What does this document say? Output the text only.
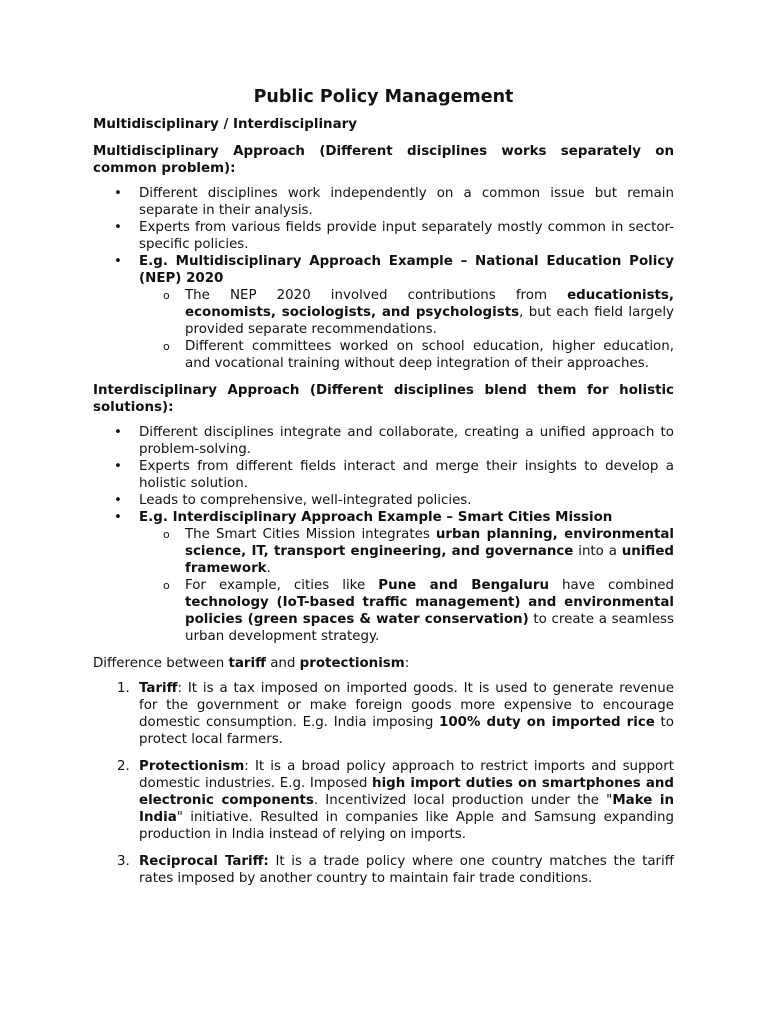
Public Policy Management

Multidisciplinary / Interdisciplinary

Multidisciplinary Approach (Different disciplines works separately on common problem):

• Different disciplines work independently on a common issue but remain separate in their analysis.
• Experts from various fields provide input separately mostly common in sector-specific policies.
• E.g. Multidisciplinary Approach Example – National Education Policy (NEP) 2020
o The NEP 2020 involved contributions from educationists, economists, sociologists, and psychologists, but each field largely provided separate recommendations.
o Different committees worked on school education, higher education, and vocational training without deep integration of their approaches.

Interdisciplinary Approach (Different disciplines blend them for holistic solutions):

• Different disciplines integrate and collaborate, creating a unified approach to problem-solving.
• Experts from different fields interact and merge their insights to develop a holistic solution.
• Leads to comprehensive, well-integrated policies.
• E.g. Interdisciplinary Approach Example – Smart Cities Mission
o The Smart Cities Mission integrates urban planning, environmental science, IT, transport engineering, and governance into a unified framework.
o For example, cities like Pune and Bengaluru have combined technology (IoT-based traffic management) and environmental policies (green spaces & water conservation) to create a seamless urban development strategy.

Difference between tariff and protectionism:

1. Tariff: It is a tax imposed on imported goods. It is used to generate revenue for the government or make foreign goods more expensive to encourage domestic consumption. E.g. India imposing 100% duty on imported rice to protect local farmers.
2. Protectionism: It is a broad policy approach to restrict imports and support domestic industries. E.g. Imposed high import duties on smartphones and electronic components. Incentivized local production under the "Make in India" initiative. Resulted in companies like Apple and Samsung expanding production in India instead of relying on imports.
3. Reciprocal Tariff: It is a trade policy where one country matches the tariff rates imposed by another country to maintain fair trade conditions.
